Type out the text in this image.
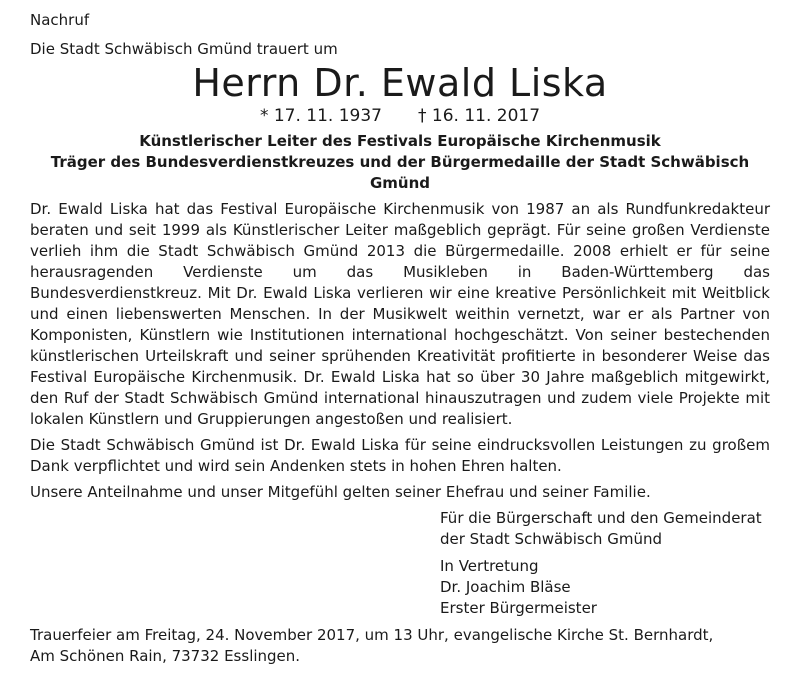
Nachruf

Die Stadt Schwäbisch Gmünd trauert um

Herrn Dr. Ewald Liska
* 17. 11. 1937 † 16. 11. 2017
Künstlerischer Leiter des Festivals Europäische Kirchenmusik
Träger des Bundesverdienstkreuzes und der Bürgermedaille der Stadt Schwäbisch Gmünd

Dr. Ewald Liska hat das Festival Europäische Kirchenmusik von 1987 an als Rundfunkredakteur beraten und seit 1999 als Künstlerischer Leiter maßgeblich geprägt. Für seine großen Verdienste verlieh ihm die Stadt Schwäbisch Gmünd 2013 die Bürgermedaille. 2008 erhielt er für seine herausragenden Verdienste um das Musikleben in Baden-Württemberg das Bundesverdienstkreuz. Mit Dr. Ewald Liska verlieren wir eine kreative Persönlichkeit mit Weitblick und einen liebenswerten Menschen. In der Musikwelt weithin vernetzt, war er als Partner von Komponisten, Künstlern wie Institutionen international hochgeschätzt. Von seiner bestechenden künstlerischen Urteilskraft und seiner sprühenden Kreativität profitierte in besonderer Weise das Festival Europäische Kirchenmusik. Dr. Ewald Liska hat so über 30 Jahre maßgeblich mitgewirkt, den Ruf der Stadt Schwäbisch Gmünd international hinauszutragen und zudem viele Projekte mit lokalen Künstlern und Gruppierungen angestoßen und realisiert.

Die Stadt Schwäbisch Gmünd ist Dr. Ewald Liska für seine eindrucksvollen Leistungen zu großem Dank verpflichtet und wird sein Andenken stets in hohen Ehren halten.

Unsere Anteilnahme und unser Mitgefühl gelten seiner Ehefrau und seiner Familie.

Für die Bürgerschaft und den Gemeinderat
der Stadt Schwäbisch Gmünd
In Vertretung
Dr. Joachim Bläse
Erster Bürgermeister
Trauerfeier am Freitag, 24. November 2017, um 13 Uhr, evangelische Kirche St. Bernhardt,
Am Schönen Rain, 73732 Esslingen.
